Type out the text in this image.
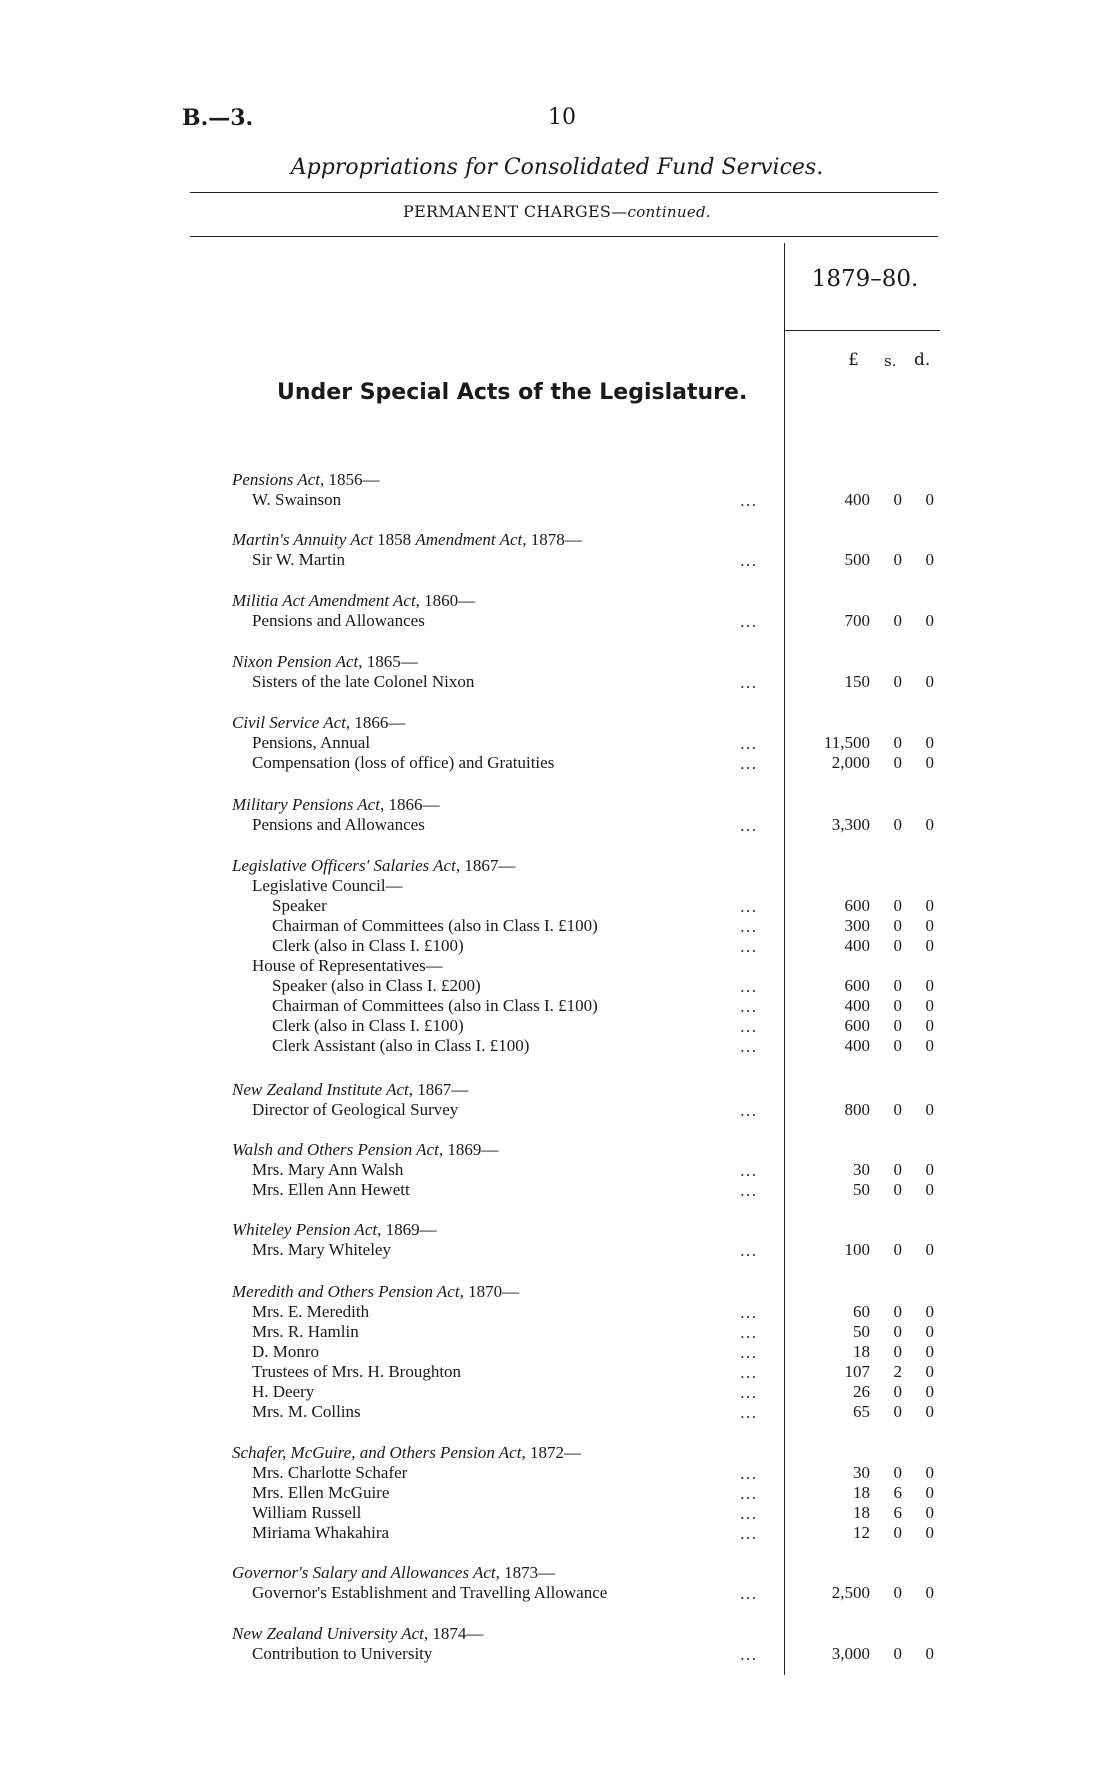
B.—3.	10
Appropriations for Consolidated Fund Services.
PERMANENT CHARGES—continued.
1879–80.
£ s. d.
Under Special Acts of the Legislature.
Pensions Act, 1856—
W. Swainson	...	400	0	0
Martin's Annuity Act 1858 Amendment Act, 1878—
Sir W. Martin	...	500	0	0
Militia Act Amendment Act, 1860—
Pensions and Allowances	...	700	0	0
Nixon Pension Act, 1865—
Sisters of the late Colonel Nixon	...	150	0	0
Civil Service Act, 1866—
Pensions, Annual	...	11,500	0	0
Compensation (loss of office) and Gratuities	...	2,000	0	0
Military Pensions Act, 1866—
Pensions and Allowances	...	3,300	0	0
Legislative Officers' Salaries Act, 1867—
Legislative Council—
Speaker	...	600	0	0
Chairman of Committees (also in Class I. £100)	...	300	0	0
Clerk (also in Class I. £100)	...	400	0	0
House of Representatives—
Speaker (also in Class I. £200)	...	600	0	0
Chairman of Committees (also in Class I. £100)	...	400	0	0
Clerk (also in Class I. £100)	...	600	0	0
Clerk Assistant (also in Class I. £100)	...	400	0	0
New Zealand Institute Act, 1867—
Director of Geological Survey	...	800	0	0
Walsh and Others Pension Act, 1869—
Mrs. Mary Ann Walsh	...	30	0	0
Mrs. Ellen Ann Hewett	...	50	0	0
Whiteley Pension Act, 1869—
Mrs. Mary Whiteley	...	100	0	0
Meredith and Others Pension Act, 1870—
Mrs. E. Meredith	...	60	0	0
Mrs. R. Hamlin	...	50	0	0
D. Monro	...	18	0	0
Trustees of Mrs. H. Broughton	...	107	2	0
H. Deery	...	26	0	0
Mrs. M. Collins	...	65	0	0
Schafer, McGuire, and Others Pension Act, 1872—
Mrs. Charlotte Schafer	...	30	0	0
Mrs. Ellen McGuire	...	18	6	0
William Russell	...	18	6	0
Miriama Whakahira	...	12	0	0
Governor's Salary and Allowances Act, 1873—
Governor's Establishment and Travelling Allowance	...	2,500	0	0
New Zealand University Act, 1874—
Contribution to University	...	3,000	0	0
